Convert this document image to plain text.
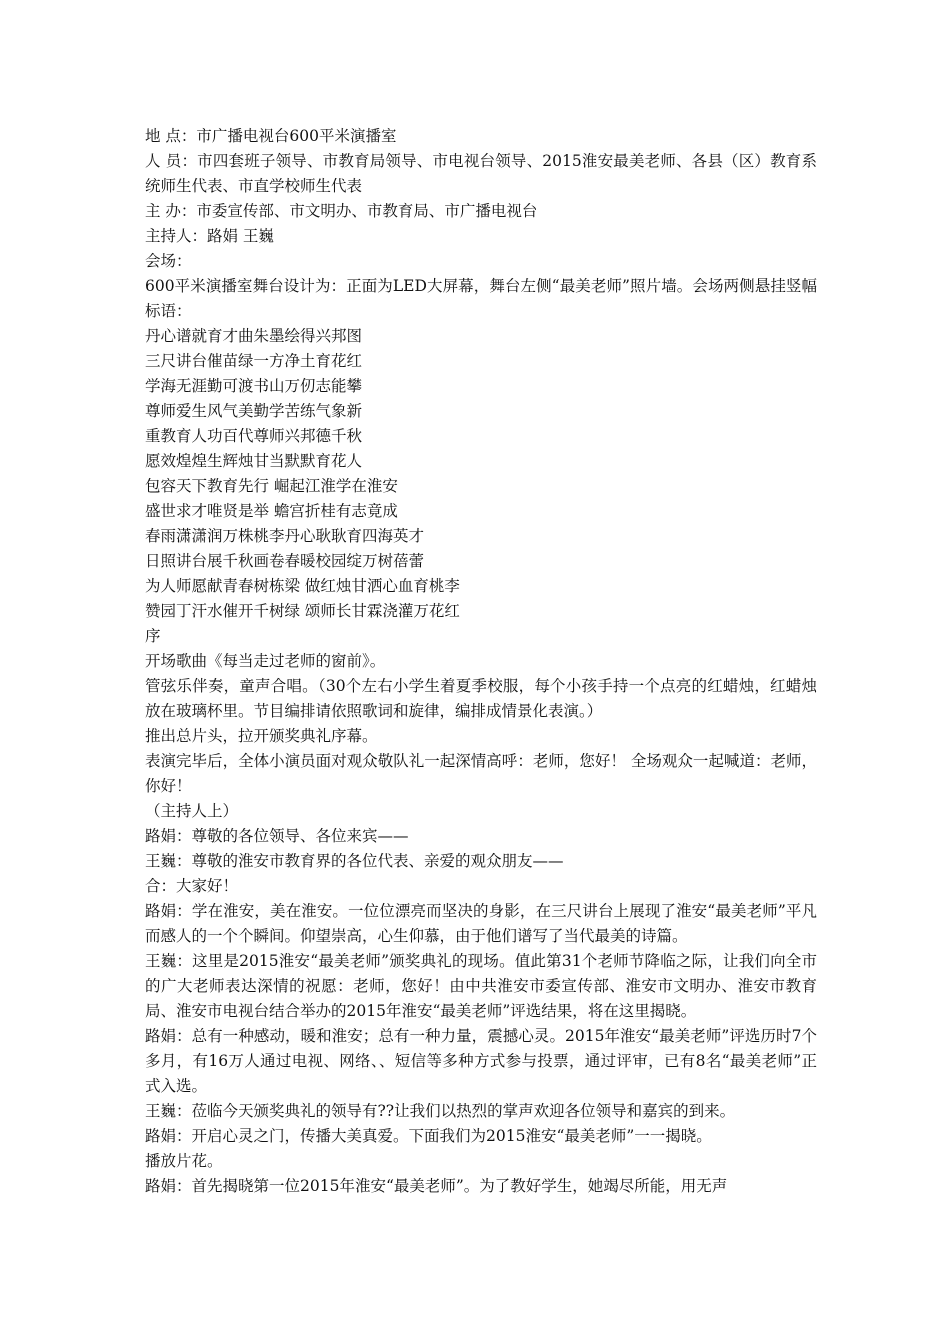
地 点：市广播电视台600平米演播室

人 员：市四套班子领导、市教育局领导、市电视台领导、2015淮安最美老师、各县（区）教育系统师生代表、市直学校师生代表

主 办：市委宣传部、市文明办、市教育局、市广播电视台

主持人：路娟 王巍

会场：

600平米演播室舞台设计为：正面为LED大屏幕，舞台左侧“最美老师”照片墙。会场两侧悬挂竖幅标语：

丹心谱就育才曲朱墨绘得兴邦图

三尺讲台催苗绿一方净土育花红

学海无涯勤可渡书山万仞志能攀

尊师爱生风气美勤学苦练气象新

重教育人功百代尊师兴邦德千秋

愿效煌煌生辉烛甘当默默育花人

包容天下教育先行 崛起江淮学在淮安

盛世求才唯贤是举 蟾宫折桂有志竟成

春雨潇潇润万株桃李丹心耿耿育四海英才

日照讲台展千秋画卷春暖校园绽万树蓓蕾

为人师愿献青春树栋梁 做红烛甘洒心血育桃李

赞园丁汗水催开千树绿 颂师长甘霖浇灌万花红

序

开场歌曲《每当走过老师的窗前》。

管弦乐伴奏，童声合唱。（30个左右小学生着夏季校服，每个小孩手持一个点亮的红蜡烛，红蜡烛放在玻璃杯里。节目编排请依照歌词和旋律，编排成情景化表演。）

推出总片头，拉开颁奖典礼序幕。

表演完毕后，全体小演员面对观众敬队礼一起深情高呼：老师，您好！ 全场观众一起喊道：老师，你好！

（主持人上）

路娟：尊敬的各位领导、各位来宾——

王巍：尊敬的淮安市教育界的各位代表、亲爱的观众朋友——

合：大家好！

路娟：学在淮安，美在淮安。一位位漂亮而坚决的身影，在三尺讲台上展现了淮安“最美老师”平凡而感人的一个个瞬间。仰望崇高，心生仰慕，由于他们谱写了当代最美的诗篇。

王巍：这里是2015淮安“最美老师”颁奖典礼的现场。值此第31个老师节降临之际，让我们向全市的广大老师表达深情的祝愿：老师，您好！由中共淮安市委宣传部、淮安市文明办、淮安市教育局、淮安市电视台结合举办的2015年淮安“最美老师”评选结果，将在这里揭晓。

路娟：总有一种感动，暖和淮安；总有一种力量，震撼心灵。2015年淮安“最美老师”评选历时7个多月，有16万人通过电视、网络、、短信等多种方式参与投票，通过评审，已有8名“最美老师”正式入选。

王巍：莅临今天颁奖典礼的领导有??让我们以热烈的掌声欢迎各位领导和嘉宾的到来。

路娟：开启心灵之门，传播大美真爱。下面我们为2015淮安“最美老师”一一揭晓。

播放片花。

路娟：首先揭晓第一位2015年淮安“最美老师”。为了教好学生，她竭尽所能，用无声
